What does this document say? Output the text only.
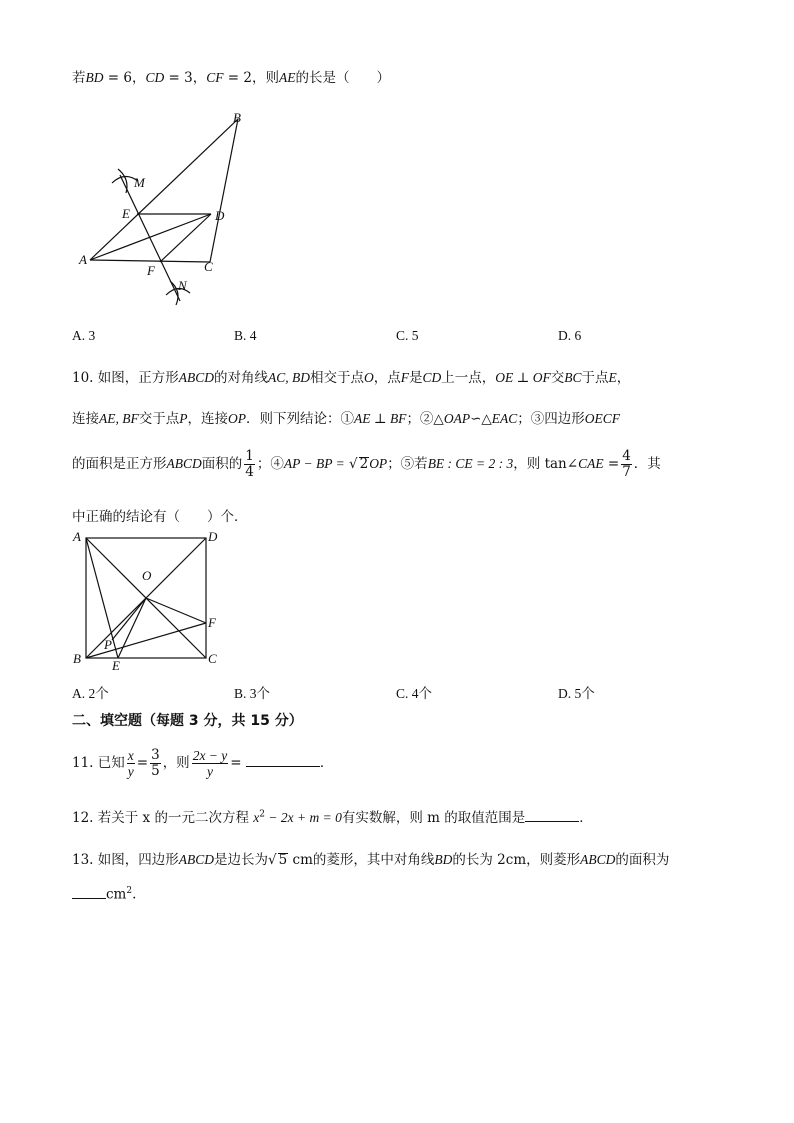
若BD = 6，CD = 3，CF = 2，则AE的长是（　　）
B
M
E	D
A
F	C
N
A. 3	B. 4	C. 5	D. 6
10. 如图，正方形ABCD的对角线AC, BD相交于点O，点F是CD上一点，OE ⊥ OF交BC于点E，
连接AE, BF交于点P，连接OP．则下列结论：①AE ⊥ BF；②△OAP∽△EAC；③四边形OECF
的面积是正方形ABCD面积的 $\frac{1}{4}$ ；④AP − BP = √ 2OP；⑤若BE : CE = 2 : 3，则 tan∠CAE = $\frac{4}{7}$ ．其
中正确的结论有（　　）个．
A	D
O
F
P
B E	C
A. 2个	B. 3个	C. 4个	D. 5个
二、填空题（每题 3 分，共 15 分）
11. 已知 $\frac{x}{y} = \frac{3}{5}$ ，则 $\frac{2x - y}{y}$ =	．
12. 若关于 x 的一元二次方程 $x^2 - 2x + m = 0$有实数解，则 m 的取值范围是	．
13. 如图，四边形ABCD是边长为√ 5 cm的菱形，其中对角线BD的长为 2cm，则菱形ABCD的面积为
$cm^2$.
